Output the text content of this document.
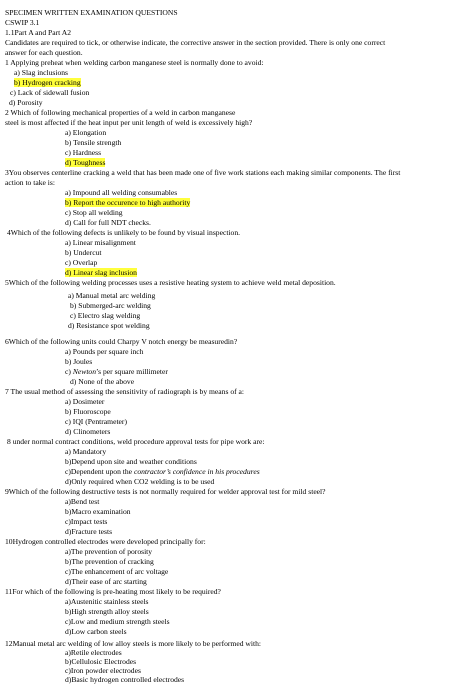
SPECIMEN WRITTEN EXAMINATION QUESTIONS
CSWIP 3.1
1.1Part A and Part A2
Candidates are required to tick, or otherwise indicate, the corrective answer in the section provided. There is only one correct
answer for each question.
1 Applying preheat when welding carbon manganese steel is normally done to avoid:
a) Slag inclusions
b) Hydrogen cracking
c) Lack of sidewall fusion
d) Porosity
2 Which of following mechanical properties of a weld in carbon manganese
steel is most affected if the heat input per unit length of weld is excessively high?
a) Elongation
b) Tensile strength
c) Hardness
d) Toughness
3You observes centerline cracking a weld that has been made one of five work stations each making similar components. The first
action to take is:
a) Impound all welding consumables
b) Report the occurence to high authority
c) Stop all welding
d) Call for full NDT checks.
4Which of the following defects is unlikely to be found by visual inspection.
a) Linear misalignment
b) Undercut
c) Overlap
d) Linear slag inclusion
5Which of the following welding processes uses a resistive heating system to achieve weld metal deposition.
a) Manual metal arc welding
b) Submerged-arc welding
c) Electro slag welding
d) Resistance spot welding
6Which of the following units could Charpy V notch energy be measuredin?
a) Pounds per square inch
b) Joules
c) Newton’s per square millimeter
d) None of the above
7 The usual method of assessing the sensitivity of radiograph is by means of a:
a) Dosimeter
b) Fluoroscope
c) IQI (Pentrameter)
d) Clinometers
8 under normal contract conditions, weld procedure approval tests for pipe work are:
a) Mandatory
b)Depend upon site and weather conditions
c)Dependent upon the contractor’s confidence in his procedures
d)Only required when CO2 welding is to be used
9Which of the following destructive tests is not normally required for welder approval test for mild steel?
a)Bend test
b)Macro examination
c)Impact tests
d)Fracture tests
10Hydrogen controlled electrodes were developed principally for:
a)The prevention of porosity
b)The prevention of cracking
c)The enhancement of arc voltage
d)Their ease of arc starting
11For which of the following is pre-heating most likely to be required?
a)Austenitic stainless steels
b)High strength alloy steels
c)Low and medium strength steels
d)Low carbon steels
12Manual metal arc welding of low alloy steels is more likely to be performed with:
a)Retile electrodes
b)Cellulosic Electrodes
c)Iron powder electrodes
d)Basic hydrogen controlled electrodes
